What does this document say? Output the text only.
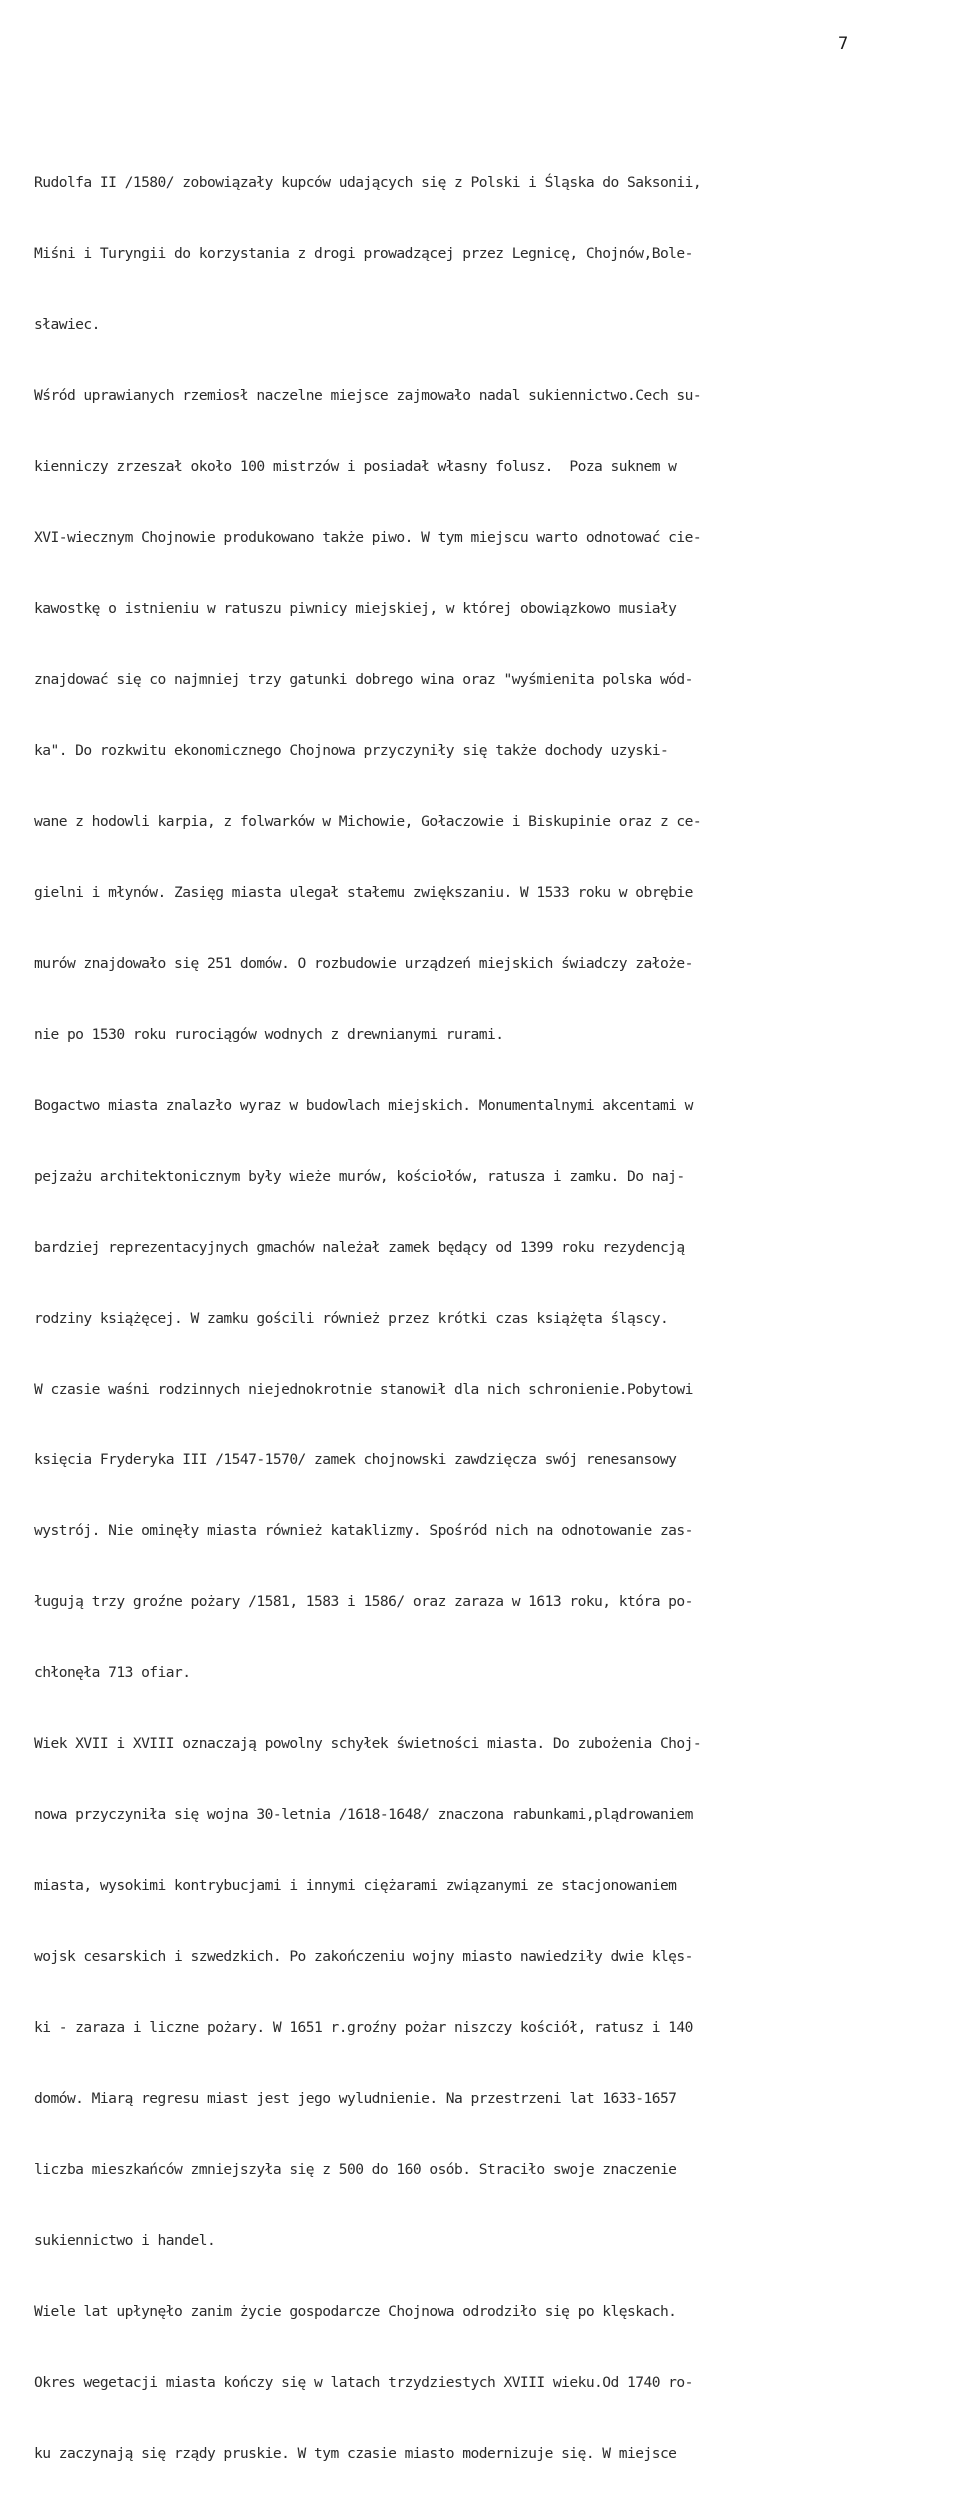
7

Rudolfa II /1580/ zobowiązały kupców udających się z Polski i Śląska do Saksonii,

Miśni i Turyngii do korzystania z drogi prowadzącej przez Legnicę, Chojnów,Bole-

sławiec.

Wśród uprawianych rzemiosł naczelne miejsce zajmowało nadal sukiennictwo.Cech su-

kienniczy zrzeszał około 100 mistrzów i posiadał własny folusz.  Poza suknem w

XVI-wiecznym Chojnowie produkowano także piwo. W tym miejscu warto odnotować cie-

kawostkę o istnieniu w ratuszu piwnicy miejskiej, w której obowiązkowo musiały

znajdować się co najmniej trzy gatunki dobrego wina oraz "wyśmienita polska wód-

ka". Do rozkwitu ekonomicznego Chojnowa przyczyniły się także dochody uzyski-

wane z hodowli karpia, z folwarków w Michowie, Gołaczowie i Biskupinie oraz z ce-

gielni i młynów. Zasięg miasta ulegał stałemu zwiększaniu. W 1533 roku w obrębie

murów znajdowało się 251 domów. O rozbudowie urządzeń miejskich świadczy założe-

nie po 1530 roku rurociągów wodnych z drewnianymi rurami.

Bogactwo miasta znalazło wyraz w budowlach miejskich. Monumentalnymi akcentami w

pejzażu architektonicznym były wieże murów, kościołów, ratusza i zamku. Do naj-

bardziej reprezentacyjnych gmachów należał zamek będący od 1399 roku rezydencją

rodziny książęcej. W zamku gościli również przez krótki czas książęta śląscy.

W czasie waśni rodzinnych niejednokrotnie stanowił dla nich schronienie.Pobytowi

księcia Fryderyka III /1547-1570/ zamek chojnowski zawdzięcza swój renesansowy

wystrój. Nie ominęły miasta również kataklizmy. Spośród nich na odnotowanie zas-

ługują trzy groźne pożary /1581, 1583 i 1586/ oraz zaraza w 1613 roku, która po-

chłonęła 713 ofiar.

Wiek XVII i XVIII oznaczają powolny schyłek świetności miasta. Do zubożenia Choj-

nowa przyczyniła się wojna 30-letnia /1618-1648/ znaczona rabunkami,plądrowaniem

miasta, wysokimi kontrybucjami i innymi ciężarami związanymi ze stacjonowaniem

wojsk cesarskich i szwedzkich. Po zakończeniu wojny miasto nawiedziły dwie klęs-

ki - zaraza i liczne pożary. W 1651 r.groźny pożar niszczy kościół, ratusz i 140

domów. Miarą regresu miast jest jego wyludnienie. Na przestrzeni lat 1633-1657

liczba mieszkańców zmniejszyła się z 500 do 160 osób. Straciło swoje znaczenie

sukiennictwo i handel.

Wiele lat upłynęło zanim życie gospodarcze Chojnowa odrodziło się po klęskach.

Okres wegetacji miasta kończy się w latach trzydziestych XVIII wieku.Od 1740 ro-

ku zaczynają się rządy pruskie. W tym czasie miasto modernizuje się. W miejsce
